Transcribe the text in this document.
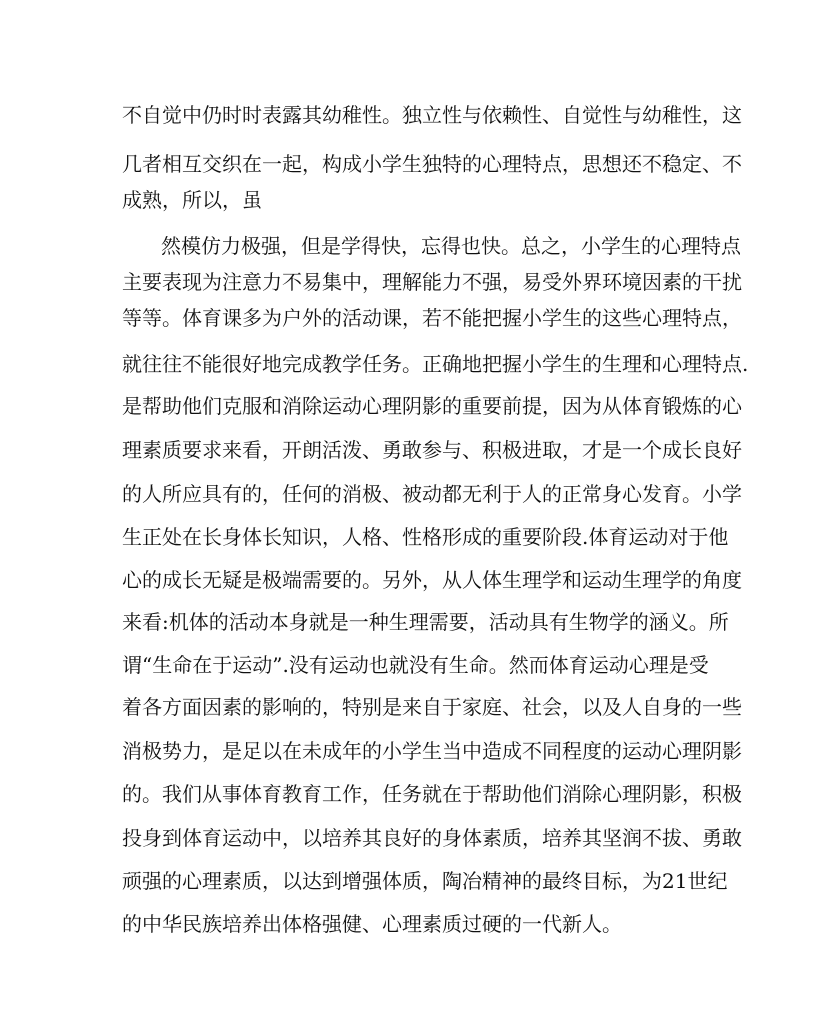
不自觉中仍时时表露其幼稚性。独立性与依赖性、自觉性与幼稚性，这
几者相互交织在一起，构成小学生独特的心理特点，思想还不稳定、不
成熟，所以，虽
然模仿力极强，但是学得快，忘得也快。总之，小学生的心理特点
主要表现为注意力不易集中，理解能力不强，易受外界环境因素的干扰
等等。体育课多为户外的活动课，若不能把握小学生的这些心理特点，
就往往不能很好地完成教学任务。正确地把握小学生的生理和心理特点.
是帮助他们克服和消除运动心理阴影的重要前提，因为从体育锻炼的心
理素质要求来看，开朗活泼、勇敢参与、积极进取，才是一个成长良好
的人所应具有的，任何的消极、被动都无利于人的正常身心发育。小学
生正处在长身体长知识，人格、性格形成的重要阶段.体育运动对于他
心的成长无疑是极端需要的。另外，从人体生理学和运动生理学的角度
来看:机体的活动本身就是一种生理需要，活动具有生物学的涵义。所
谓“生命在于运动”.没有运动也就没有生命。然而体育运动心理是受
着各方面因素的影响的，特别是来自于家庭、社会，以及人自身的一些
消极势力，是足以在未成年的小学生当中造成不同程度的运动心理阴影
的。我们从事体育教育工作，任务就在于帮助他们消除心理阴影，积极
投身到体育运动中，以培养其良好的身体素质，培养其坚润不拔、勇敢
顽强的心理素质，以达到增强体质，陶冶精神的最终目标，为21世纪
的中华民族培养出体格强健、心理素质过硬的一代新人。
